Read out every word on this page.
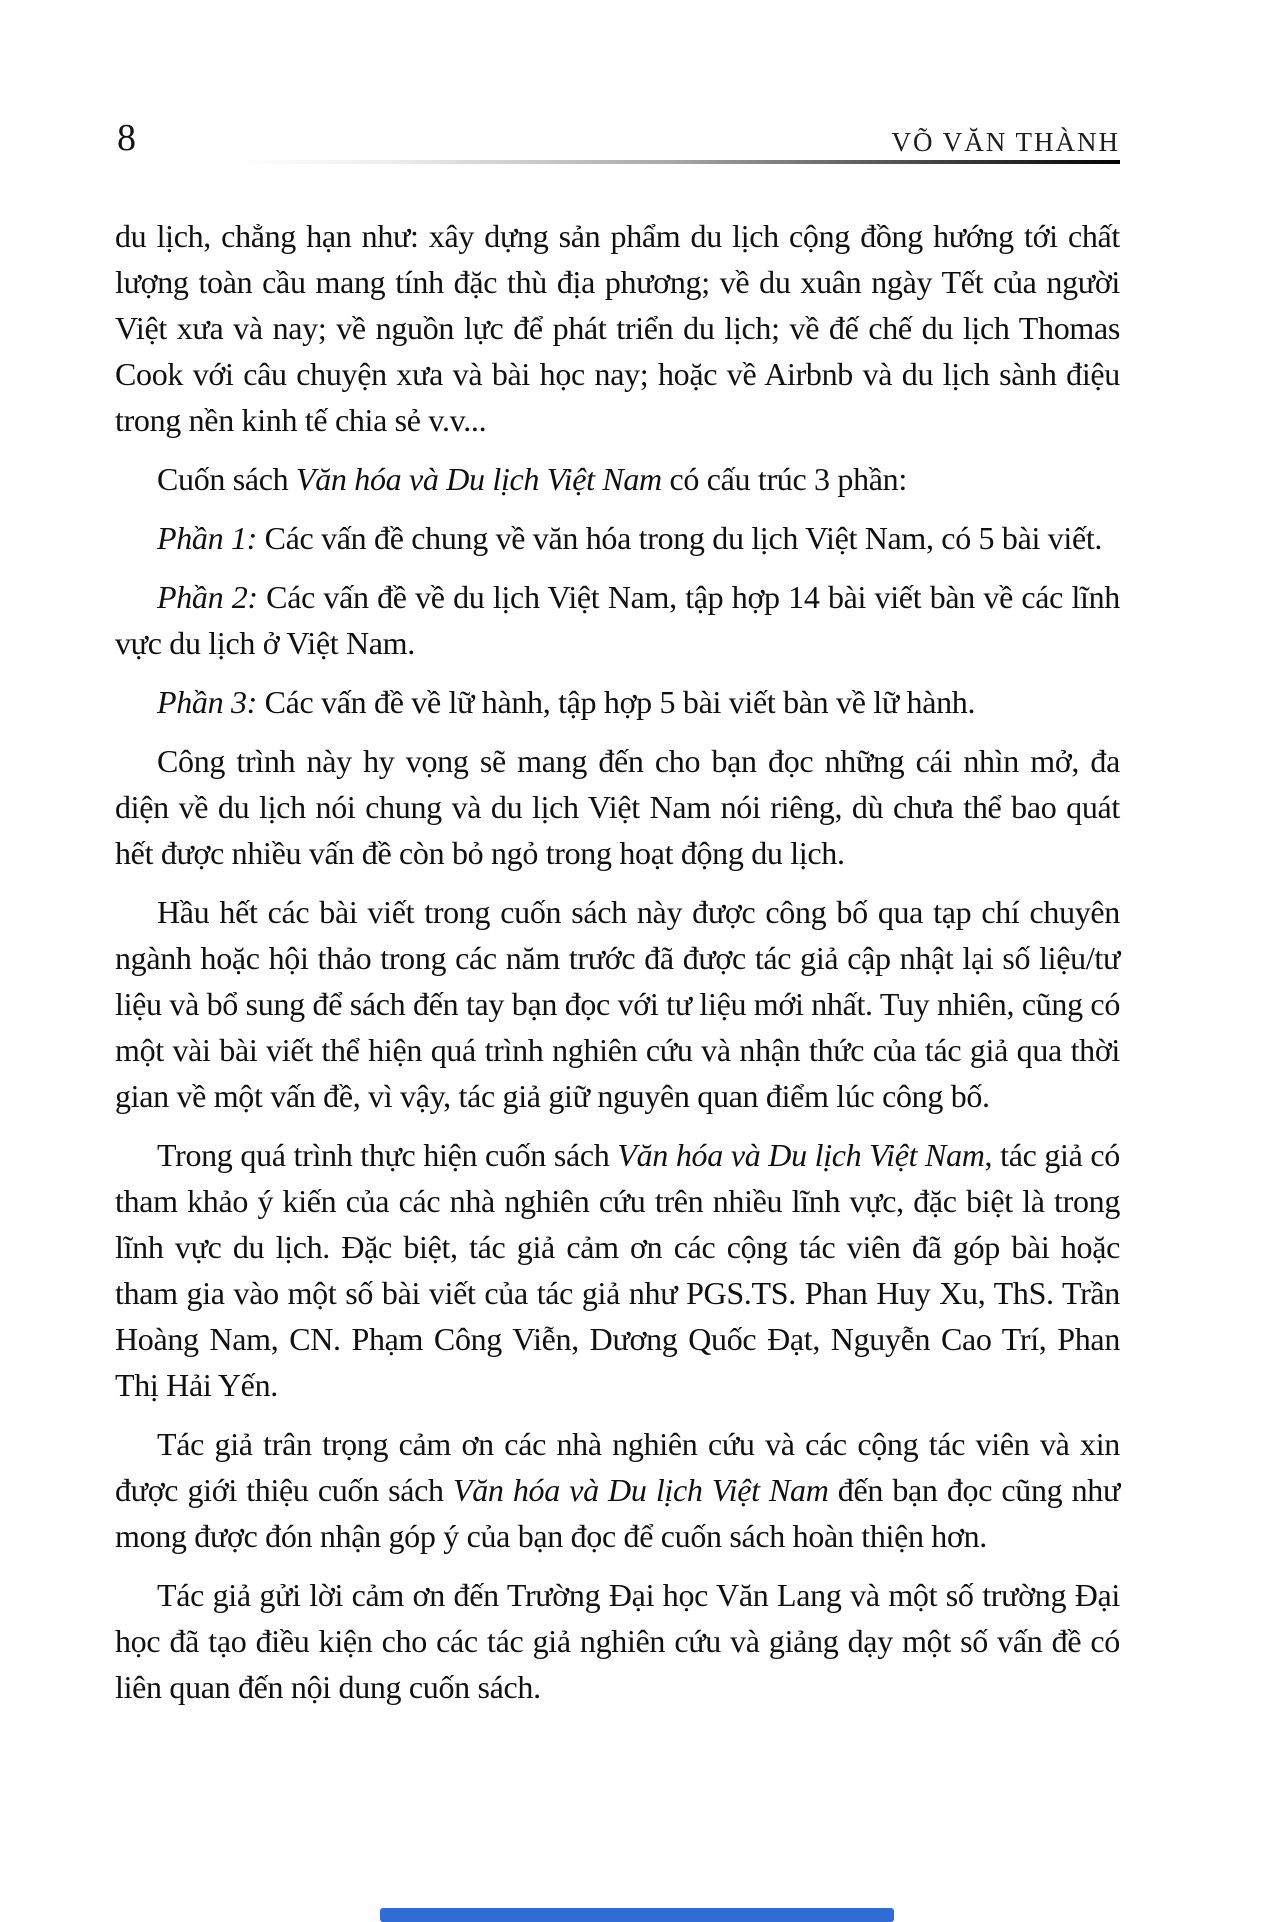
8	VÕ VĂN THÀNH

du lịch, chẳng hạn như: xây dựng sản phẩm du lịch cộng đồng hướng tới chất lượng toàn cầu mang tính đặc thù địa phương; về du xuân ngày Tết của người Việt xưa và nay; về nguồn lực để phát triển du lịch; về đế chế du lịch Thomas Cook với câu chuyện xưa và bài học nay; hoặc về Airbnb và du lịch sành điệu trong nền kinh tế chia sẻ v.v...

Cuốn sách Văn hóa và Du lịch Việt Nam có cấu trúc 3 phần:

Phần 1: Các vấn đề chung về văn hóa trong du lịch Việt Nam, có 5 bài viết.

Phần 2: Các vấn đề về du lịch Việt Nam, tập hợp 14 bài viết bàn về các lĩnh vực du lịch ở Việt Nam.

Phần 3: Các vấn đề về lữ hành, tập hợp 5 bài viết bàn về lữ hành.

Công trình này hy vọng sẽ mang đến cho bạn đọc những cái nhìn mở, đa diện về du lịch nói chung và du lịch Việt Nam nói riêng, dù chưa thể bao quát hết được nhiều vấn đề còn bỏ ngỏ trong hoạt động du lịch.

Hầu hết các bài viết trong cuốn sách này được công bố qua tạp chí chuyên ngành hoặc hội thảo trong các năm trước đã được tác giả cập nhật lại số liệu/tư liệu và bổ sung để sách đến tay bạn đọc với tư liệu mới nhất. Tuy nhiên, cũng có một vài bài viết thể hiện quá trình nghiên cứu và nhận thức của tác giả qua thời gian về một vấn đề, vì vậy, tác giả giữ nguyên quan điểm lúc công bố.

Trong quá trình thực hiện cuốn sách Văn hóa và Du lịch Việt Nam, tác giả có tham khảo ý kiến của các nhà nghiên cứu trên nhiều lĩnh vực, đặc biệt là trong lĩnh vực du lịch. Đặc biệt, tác giả cảm ơn các cộng tác viên đã góp bài hoặc tham gia vào một số bài viết của tác giả như PGS.TS. Phan Huy Xu, ThS. Trần Hoàng Nam, CN. Phạm Công Viễn, Dương Quốc Đạt, Nguyễn Cao Trí, Phan Thị Hải Yến.

Tác giả trân trọng cảm ơn các nhà nghiên cứu và các cộng tác viên và xin được giới thiệu cuốn sách Văn hóa và Du lịch Việt Nam đến bạn đọc cũng như mong được đón nhận góp ý của bạn đọc để cuốn sách hoàn thiện hơn.

Tác giả gửi lời cảm ơn đến Trường Đại học Văn Lang và một số trường Đại học đã tạo điều kiện cho các tác giả nghiên cứu và giảng dạy một số vấn đề có liên quan đến nội dung cuốn sách.
